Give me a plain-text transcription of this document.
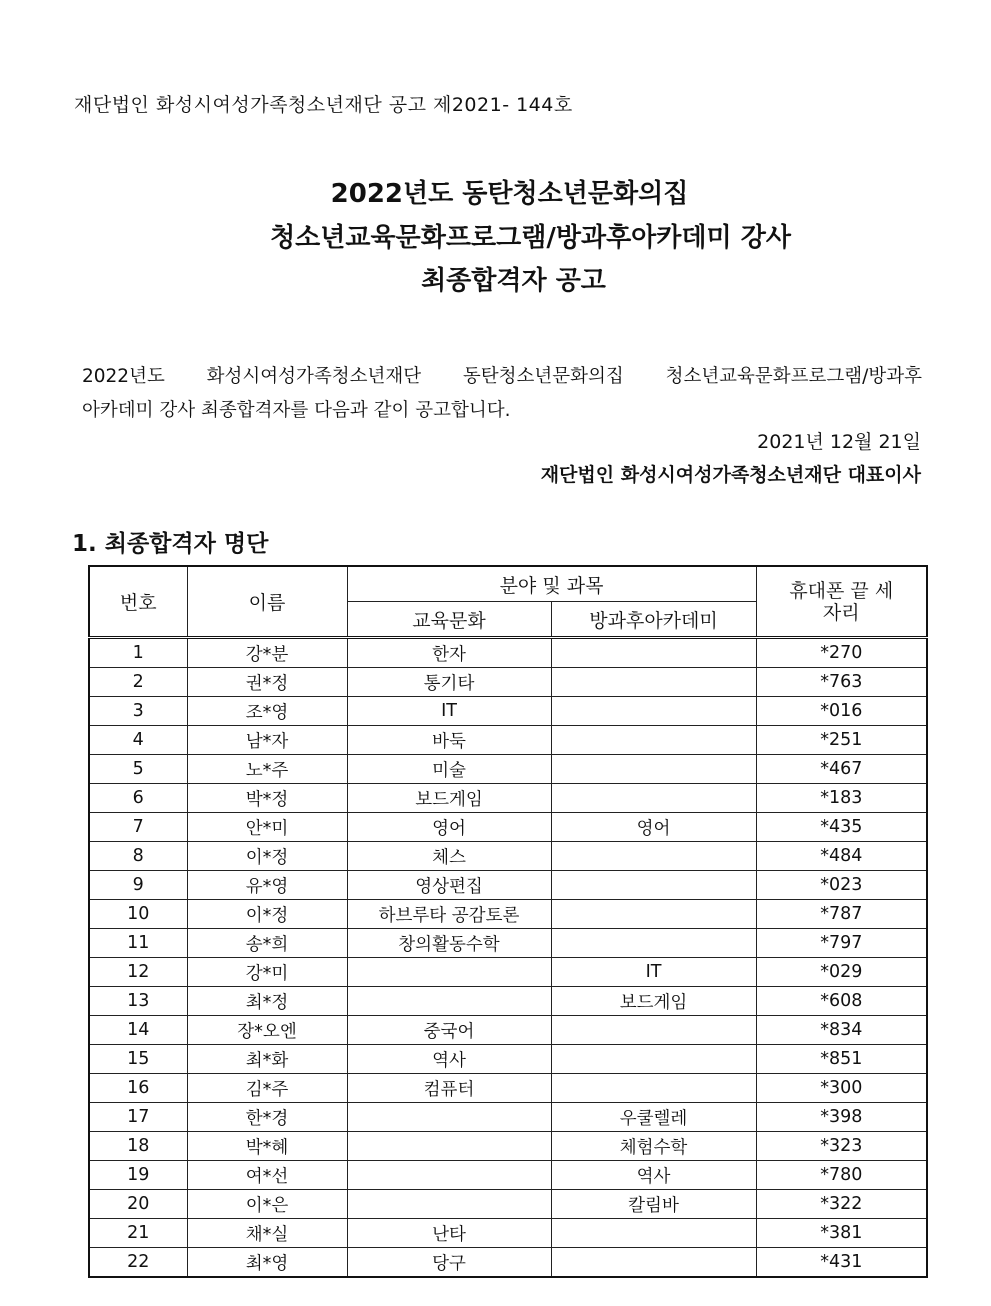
재단법인 화성시여성가족청소년재단 공고 제2021- 144호
2022년도 동탄청소년문화의집
청소년교육문화프로그램/방과후아카데미 강사
최종합격자 공고
2022년도 화성시여성가족청소년재단 동탄청소년문화의집 청소년교육문화프로그램/방과후
아카데미 강사 최종합격자를 다음과 같이 공고합니다.
2021년 12월 21일
재단법인 화성시여성가족청소년재단 대표이사
1. 최종합격자 명단
번호	이름	분야 및 과목		휴대폰 끝 세자리
		교육문화	방과후아카데미	
1	강*분	한자		*270
2	권*정	통기타		*763
3	조*영	IT		*016
4	남*자	바둑		*251
5	노*주	미술		*467
6	박*정	보드게임		*183
7	안*미	영어	영어	*435
8	이*정	체스		*484
9	유*영	영상편집		*023
10	이*정	하브루타 공감토론		*787
11	송*희	창의활동수학		*797
12	강*미		IT	*029
13	최*정		보드게임	*608
14	장*오엔	중국어		*834
15	최*화	역사		*851
16	김*주	컴퓨터		*300
17	한*경		우쿨렐레	*398
18	박*혜		체험수학	*323
19	여*선		역사	*780
20	이*은		칼림바	*322
21	채*실	난타		*381
22	최*영	당구		*431
